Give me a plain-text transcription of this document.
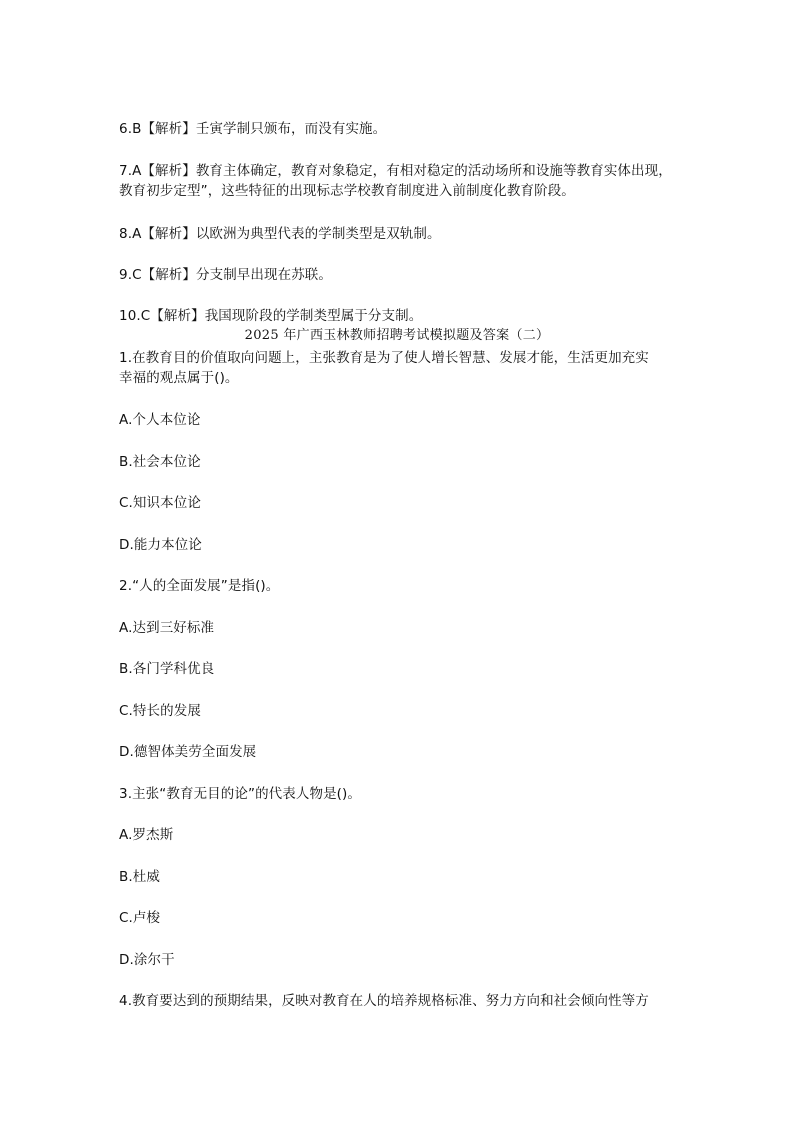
6.B【解析】壬寅学制只颁布，而没有实施。
7.A【解析】教育主体确定，教育对象稳定，有相对稳定的活动场所和设施等教育实体出现，
教育初步定型”，这些特征的出现标志学校教育制度进入前制度化教育阶段。
8.A【解析】以欧洲为典型代表的学制类型是双轨制。
9.C【解析】分支制早出现在苏联。
10.C【解析】我国现阶段的学制类型属于分支制。
2025 年广西玉林教师招聘考试模拟题及答案（二）
1.在教育目的价值取向问题上，主张教育是为了使人增长智慧、发展才能，生活更加充实
幸福的观点属于()。
A.个人本位论
B.社会本位论
C.知识本位论
D.能力本位论
2.“人的全面发展”是指()。
A.达到三好标准
B.各门学科优良
C.特长的发展
D.德智体美劳全面发展
3.主张“教育无目的论”的代表人物是()。
A.罗杰斯
B.杜威
C.卢梭
D.涂尔干
4.教育要达到的预期结果，反映对教育在人的培养规格标准、努力方向和社会倾向性等方
